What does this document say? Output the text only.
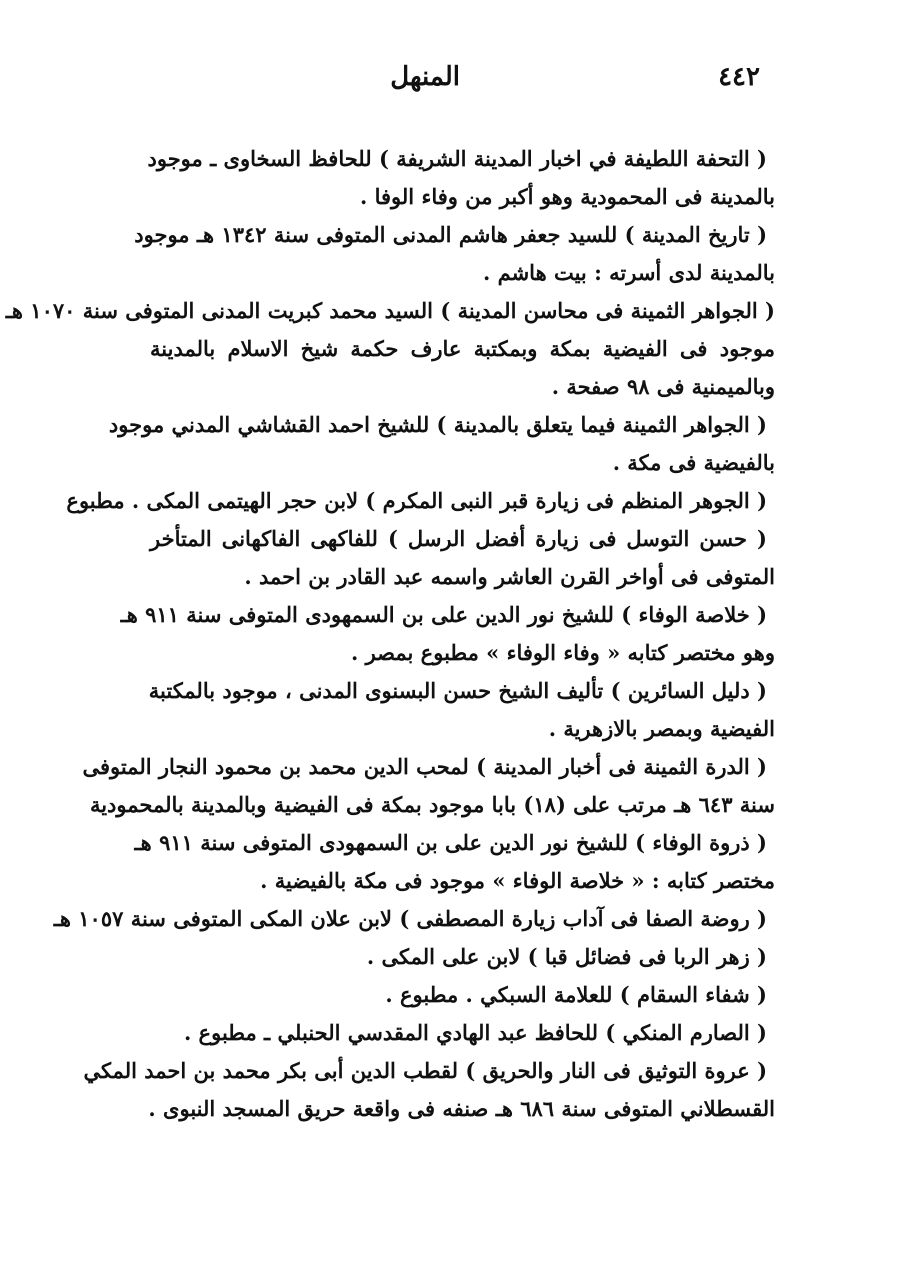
٤٤٢
المنهل
( التحفة اللطيفة في اخبار المدينة الشريفة ) للحافظ السخاوى ـ موجود
بالمدينة فى المحمودية وهو أكبر من وفاء الوفا .
( تاريخ المدينة ) للسيد جعفر هاشم المدنى المتوفى سنة ١٣٤٢ هـ موجود
بالمدينة لدى أسرته : بيت هاشم .
( الجواهر الثمينة فى محاسن المدينة ) السيد محمد كبريت المدنى المتوفى سنة ١٠٧٠ هـ
موجود فى الفيضية بمكة وبمكتبة عارف حكمة شيخ الاسلام بالمدينة
وبالميمنية فى ٩٨ صفحة .
( الجواهر الثمينة فيما يتعلق بالمدينة ) للشيخ احمد القشاشي المدني موجود
بالفيضية فى مكة .
( الجوهر المنظم فى زيارة قبر النبى المكرم ) لابن حجر الهيتمى المكى . مطبوع
( حسن التوسل فى زيارة أفضل الرسل ) للفاكهى الفاكهانى المتأخر
المتوفى فى أواخر القرن العاشر واسمه عبد القادر بن احمد .
( خلاصة الوفاء ) للشيخ نور الدين على بن السمهودى المتوفى سنة ٩١١ هـ
وهو مختصر كتابه « وفاء الوفاء » مطبوع بمصر .
( دليل السائرين ) تأليف الشيخ حسن البسنوى المدنى ، موجود بالمكتبة
الفيضية وبمصر بالازهرية .
( الدرة الثمينة فى أخبار المدينة ) لمحب الدين محمد بن محمود النجار المتوفى
سنة ٦٤٣ هـ مرتب على (١٨) بابا موجود بمكة فى الفيضية وبالمدينة بالمحمودية
( ذروة الوفاء ) للشيخ نور الدين على بن السمهودى المتوفى سنة ٩١١ هـ
مختصر كتابه : « خلاصة الوفاء » موجود فى مكة بالفيضية .
( روضة الصفا فى آداب زيارة المصطفى ) لابن علان المكى المتوفى سنة ١٠٥٧ هـ
( زهر الربا فى فضائل قبا ) لابن على المكى .
( شفاء السقام ) للعلامة السبكي . مطبوع .
( الصارم المنكي ) للحافظ عبد الهادي المقدسي الحنبلي ـ مطبوع .
( عروة التوثيق فى النار والحريق ) لقطب الدين أبى بكر محمد بن احمد المكي
القسطلاني المتوفى سنة ٦٨٦ هـ صنفه فى واقعة حريق المسجد النبوى .
